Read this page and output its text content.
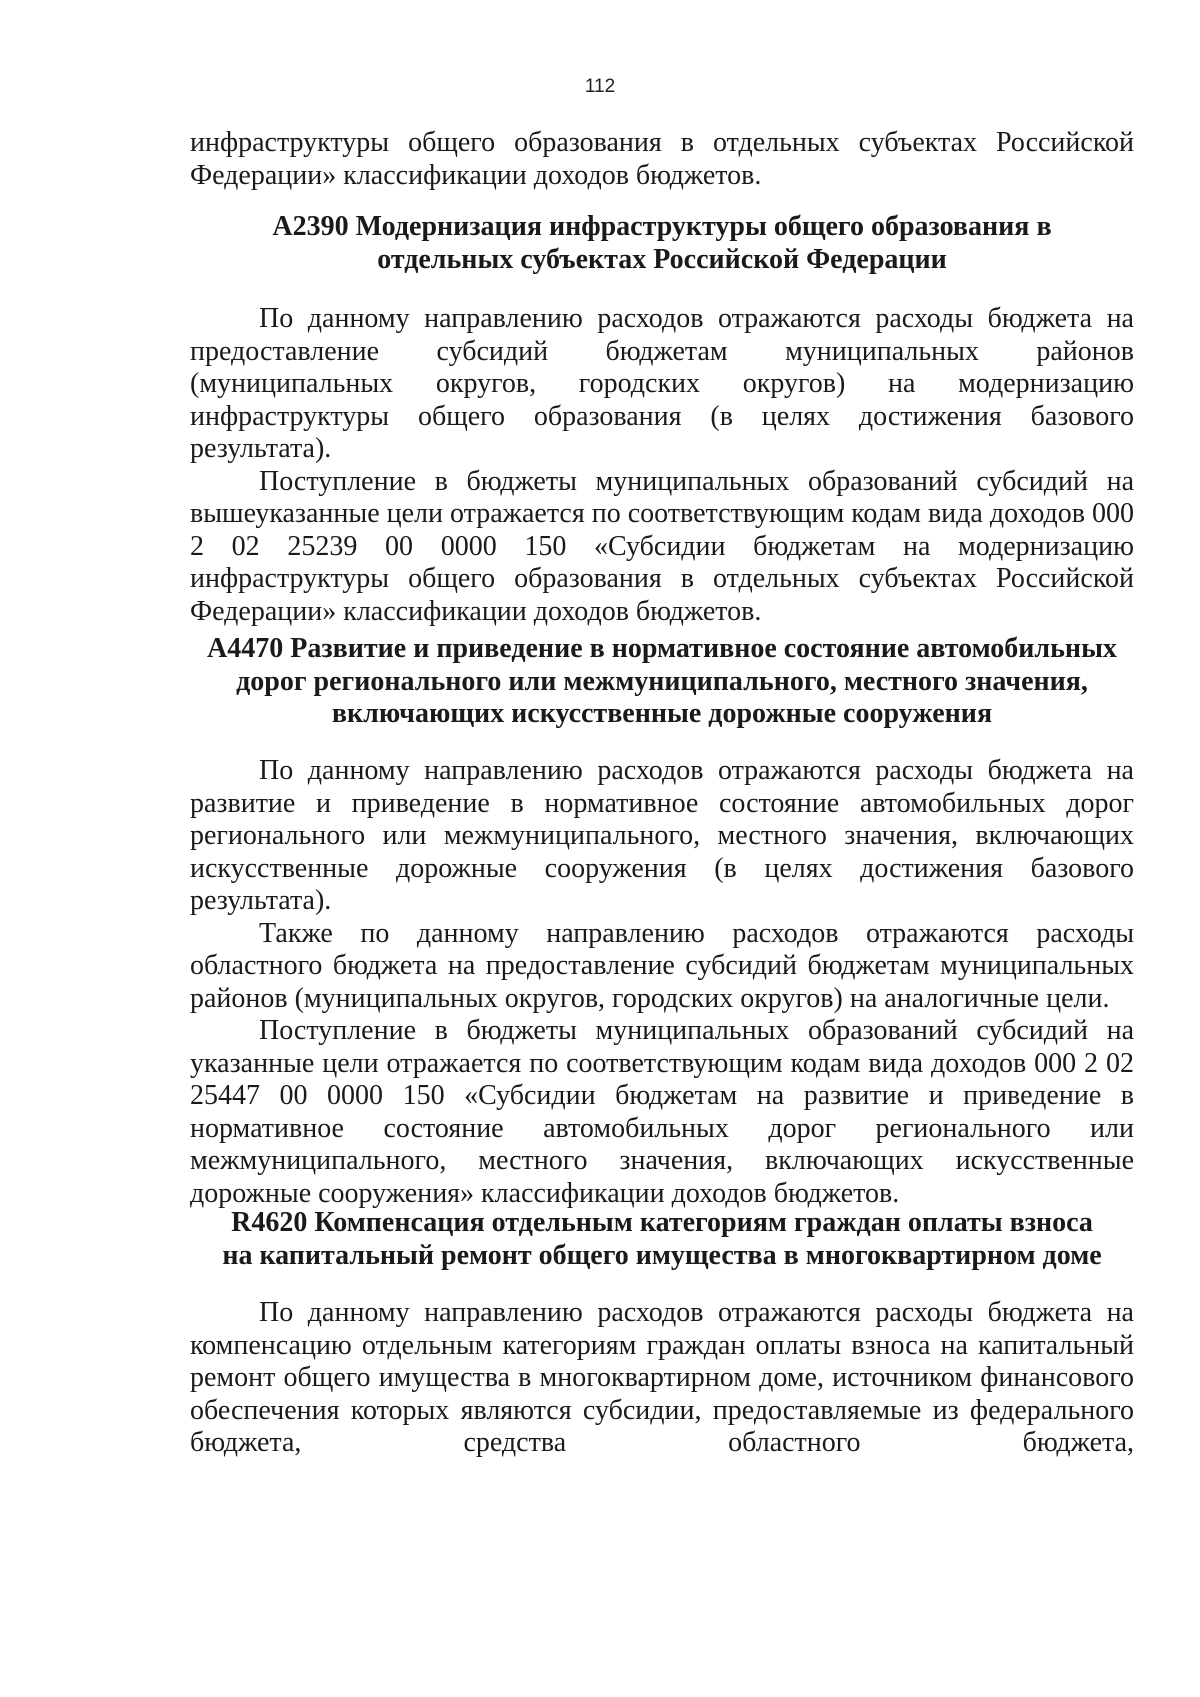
112

инфраструктуры общего образования в отдельных субъектах Российской Федерации» классификации доходов бюджетов.

А2390 Модернизация инфраструктуры общего образования в
отдельных субъектах Российской Федерации

По данному направлению расходов отражаются расходы бюджета на предоставление субсидий бюджетам муниципальных районов (муниципальных округов, городских округов) на модернизацию инфраструктуры общего образования (в целях достижения базового результата).

Поступление в бюджеты муниципальных образований субсидий на вышеуказанные цели отражается по соответствующим кодам вида доходов 000 2 02 25239 00 0000 150 «Субсидии бюджетам на модернизацию инфраструктуры общего образования в отдельных субъектах Российской Федерации» классификации доходов бюджетов.

А4470 Развитие и приведение в нормативное состояние автомобильных
дорог регионального или межмуниципального, местного значения,
включающих искусственные дорожные сооружения

По данному направлению расходов отражаются расходы бюджета на развитие и приведение в нормативное состояние автомобильных дорог регионального или межмуниципального, местного значения, включающих искусственные дорожные сооружения (в целях достижения базового результата).

Также по данному направлению расходов отражаются расходы областного бюджета на предоставление субсидий бюджетам муниципальных районов (муниципальных округов, городских округов) на аналогичные цели.

Поступление в бюджеты муниципальных образований субсидий на указанные цели отражается по соответствующим кодам вида доходов 000 2 02 25447 00 0000 150 «Субсидии бюджетам на развитие и приведение в нормативное состояние автомобильных дорог регионального или межмуниципального, местного значения, включающих искусственные дорожные сооружения» классификации доходов бюджетов.

R4620 Компенсация отдельным категориям граждан оплаты взноса
на капитальный ремонт общего имущества в многоквартирном доме

По данному направлению расходов отражаются расходы бюджета на компенсацию отдельным категориям граждан оплаты взноса на капитальный ремонт общего имущества в многоквартирном доме, источником финансового обеспечения которых являются субсидии, предоставляемые из федерального бюджета, средства областного бюджета,
